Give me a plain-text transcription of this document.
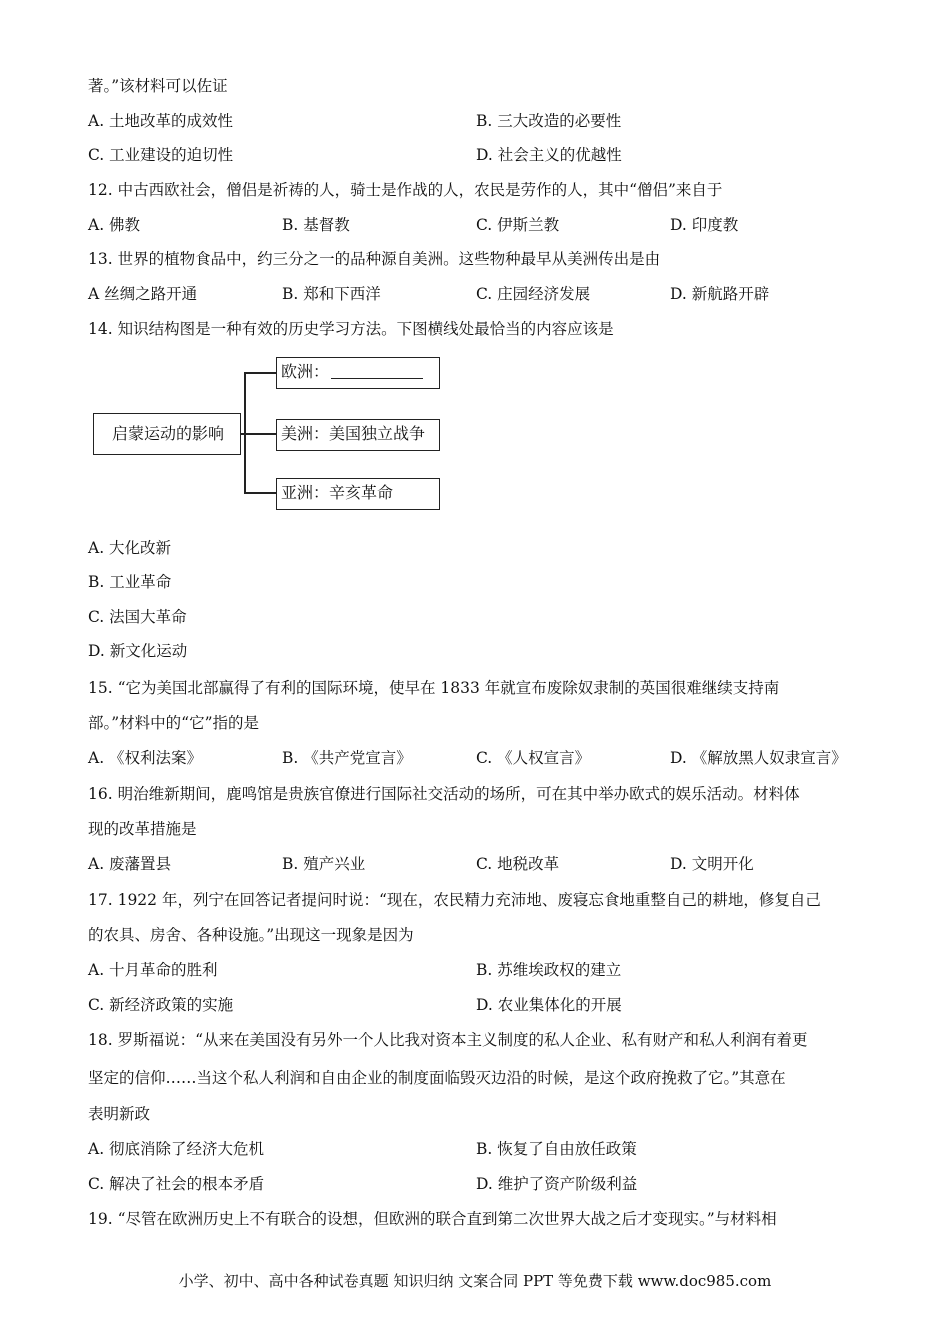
著。”该材料可以佐证
A. 土地改革的成效性	B. 三大改造的必要性
C. 工业建设的迫切性	D. 社会主义的优越性
12. 中古西欧社会，僧侣是祈祷的人，骑士是作战的人，农民是劳作的人，其中“僧侣”来自于
A. 佛教	B. 基督教	C. 伊斯兰教	D. 印度教
13. 世界的植物食品中，约三分之一的品种源自美洲。这些物种最早从美洲传出是由
A 丝绸之路开通	B. 郑和下西洋	C. 庄园经济发展	D. 新航路开辟
14. 知识结构图是一种有效的历史学习方法。下图横线处最恰当的内容应该是
启蒙运动的影响
欧洲：
美洲：美国独立战争
亚洲：辛亥革命
A. 大化改新
B. 工业革命
C. 法国大革命
D. 新文化运动
15. “它为美国北部赢得了有利的国际环境，使早在 1833 年就宣布废除奴隶制的英国很难继续支持南
部。”材料中的“它”指的是
A. 《权利法案》	B. 《共产党宣言》	C. 《人权宣言》	D. 《解放黑人奴隶宣言》
16. 明治维新期间，鹿鸣馆是贵族官僚进行国际社交活动的场所，可在其中举办欧式的娱乐活动。材料体
现的改革措施是
A. 废藩置县	B. 殖产兴业	C. 地税改革	D. 文明开化
17. 1922 年，列宁在回答记者提问时说：“现在，农民精力充沛地、废寝忘食地重整自己的耕地，修复自己
的农具、房舍、各种设施。”出现这一现象是因为
A. 十月革命的胜利	B. 苏维埃政权的建立
C. 新经济政策的实施	D. 农业集体化的开展
18. 罗斯福说：“从来在美国没有另外一个人比我对资本主义制度的私人企业、私有财产和私人利润有着更
坚定的信仰……当这个私人利润和自由企业的制度面临毁灭边沿的时候，是这个政府挽救了它。”其意在
表明新政
A. 彻底消除了经济大危机	B. 恢复了自由放任政策
C. 解决了社会的根本矛盾	D. 维护了资产阶级利益
19. “尽管在欧洲历史上不有联合的设想，但欧洲的联合直到第二次世界大战之后才变现实。”与材料相
小学、初中、高中各种试卷真题 知识归纳 文案合同 PPT 等免费下载 www.doc985.com
